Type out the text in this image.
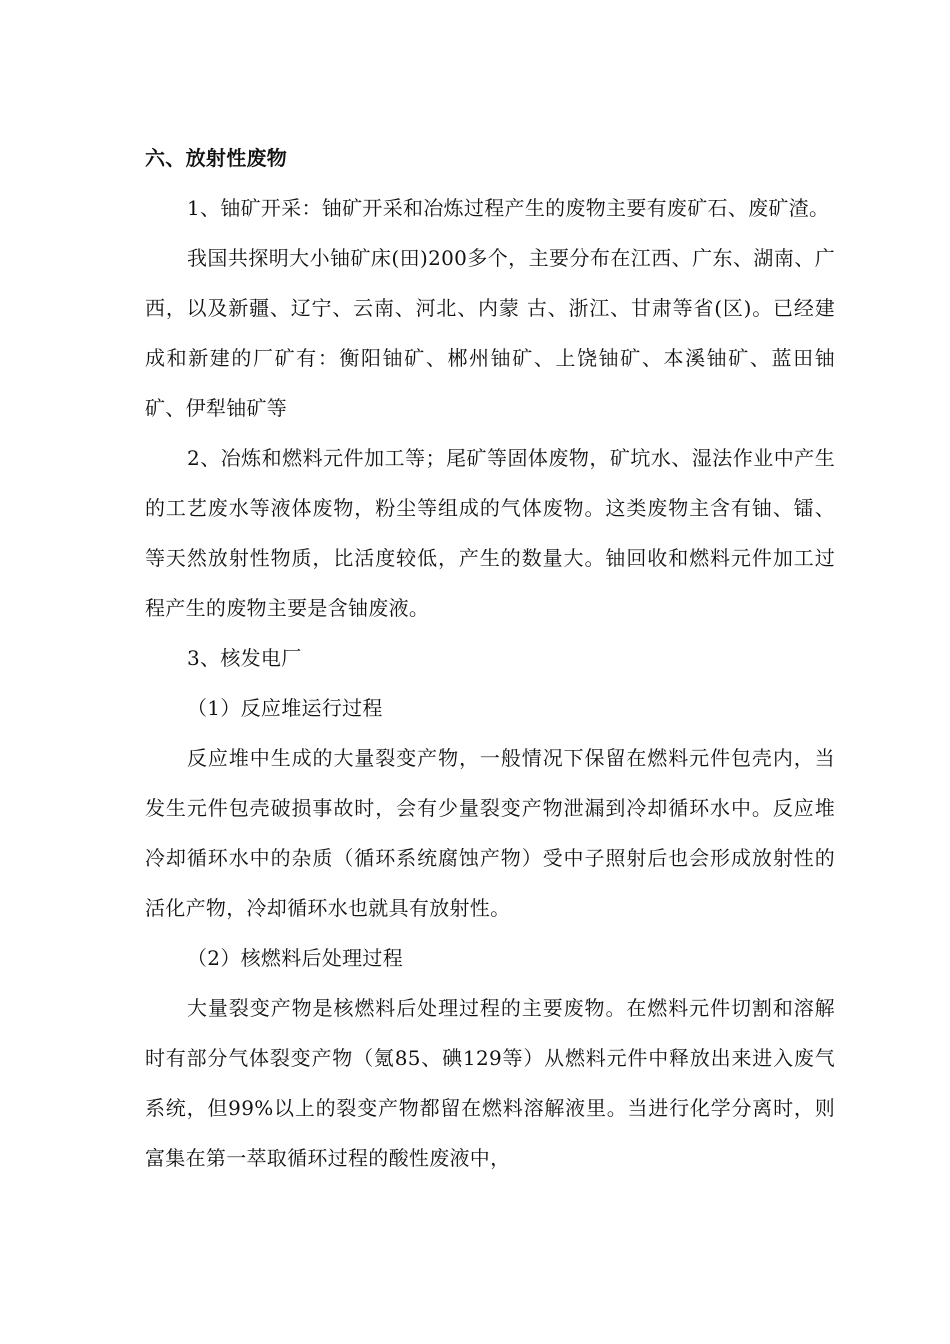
六、放射性废物

1、铀矿开采：铀矿开采和冶炼过程产生的废物主要有废矿石、废矿渣。

我国共探明大小铀矿床(田)200多个，主要分布在江西、广东、湖南、广西，以及新疆、辽宁、云南、河北、内蒙 古、浙江、甘肃等省(区)。已经建成和新建的厂矿有：衡阳铀矿、郴州铀矿、上饶铀矿、本溪铀矿、蓝田铀矿、伊犁铀矿等

2、冶炼和燃料元件加工等；尾矿等固体废物，矿坑水、湿法作业中产生的工艺废水等液体废物，粉尘等组成的气体废物。这类废物主含有铀、镭、等天然放射性物质，比活度较低，产生的数量大。铀回收和燃料元件加工过程产生的废物主要是含铀废液。

3、核发电厂

（1）反应堆运行过程

反应堆中生成的大量裂变产物，一般情况下保留在燃料元件包壳内，当发生元件包壳破损事故时，会有少量裂变产物泄漏到冷却循环水中。反应堆冷却循环水中的杂质（循环系统腐蚀产物）受中子照射后也会形成放射性的活化产物，冷却循环水也就具有放射性。

（2）核燃料后处理过程

大量裂变产物是核燃料后处理过程的主要废物。在燃料元件切割和溶解时有部分气体裂变产物（氪85、碘129等）从燃料元件中释放出来进入废气系统，但99%以上的裂变产物都留在燃料溶解液里。当进行化学分离时，则富集在第一萃取循环过程的酸性废液中，
